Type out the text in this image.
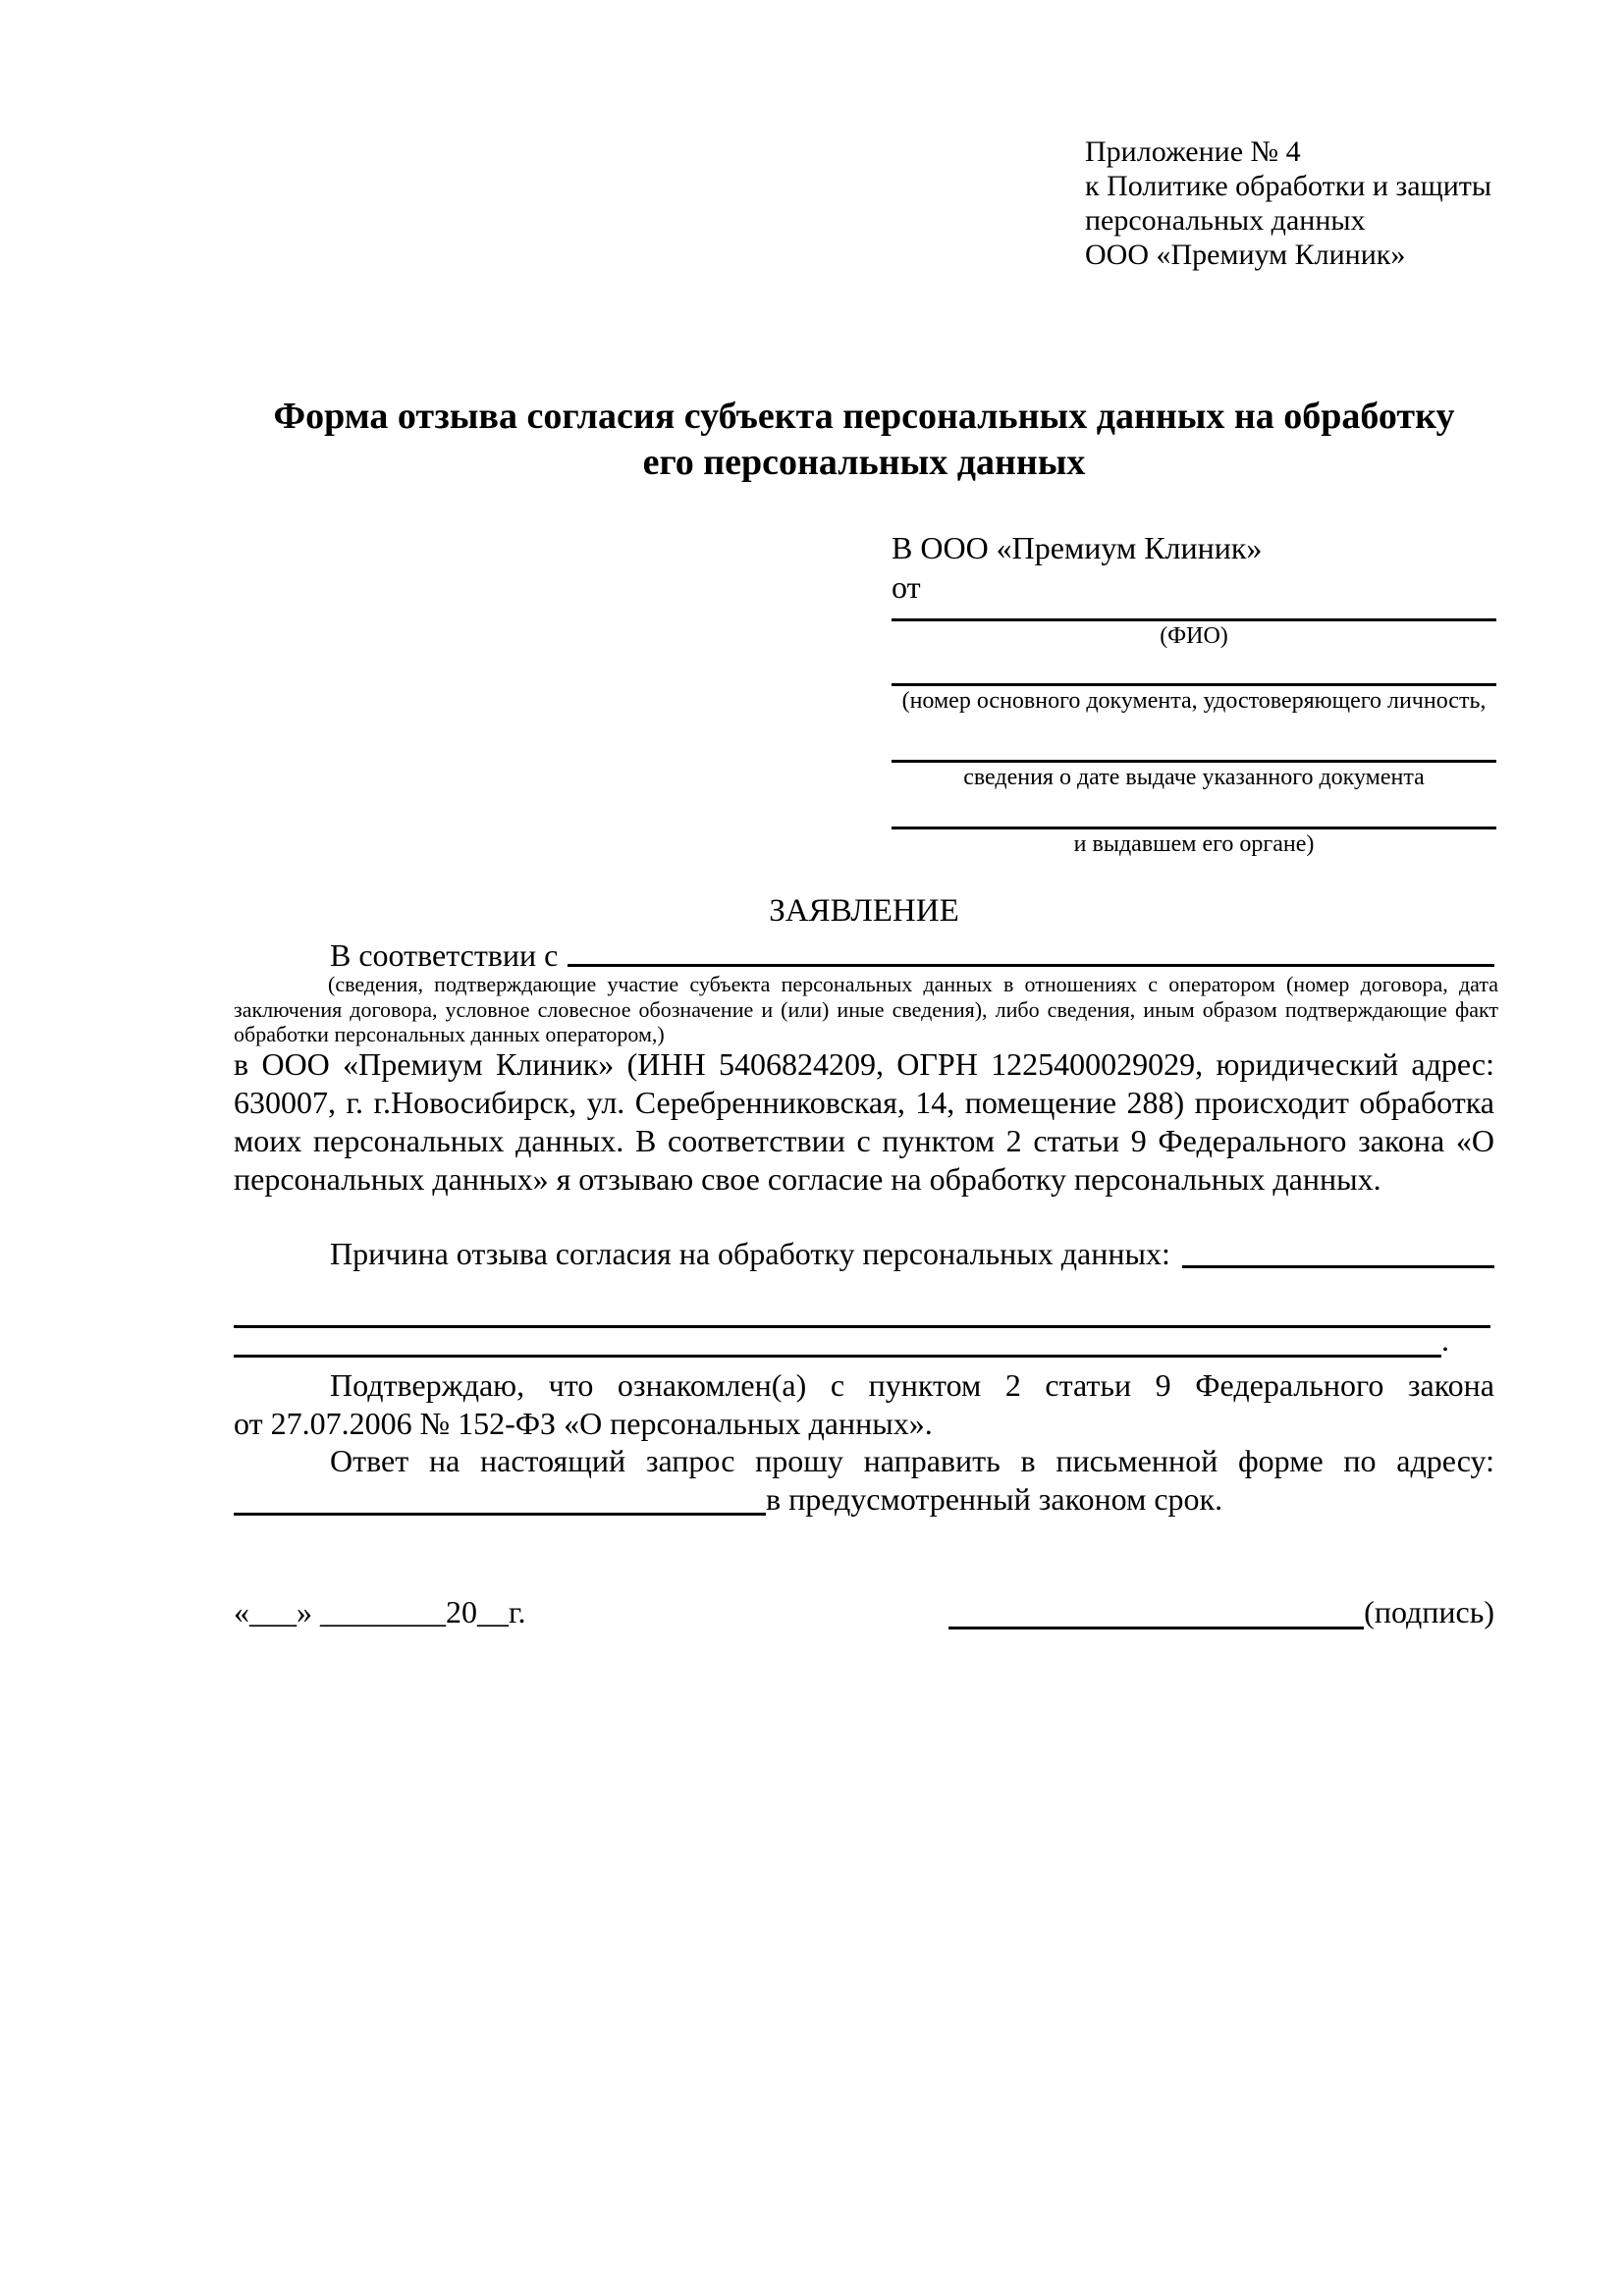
Приложение № 4
к Политике обработки и защиты
персональных данных
ООО «Премиум Клиник»
Форма отзыва согласия субъекта персональных данных на обработку
его персональных данных
В ООО «Премиум Клиник»
от
(ФИО)
(номер основного документа, удостоверяющего личность,
сведения о дате выдаче указанного документа
и выдавшем его органе)
ЗАЯВЛЕНИЕ
В соответствии с
(сведения, подтверждающие участие субъекта персональных данных в отношениях с оператором (номер договора, дата заключения договора, условное словесное обозначение и (или) иные сведения), либо сведения, иным образом подтверждающие факт обработки персональных данных оператором,)
в ООО «Премиум Клиник» (ИНН 5406824209, ОГРН 1225400029029, юридический адрес: 630007, г. г.Новосибирск, ул. Серебренниковская, 14, помещение 288) происходит обработка моих персональных данных. В соответствии с пунктом 2 статьи 9 Федерального закона «О персональных данных» я отзываю свое согласие на обработку персональных данных.
Причина отзыва согласия на обработку персональных данных:
.
Подтверждаю, что ознакомлен(а) с пунктом 2 статьи 9 Федерального закона
от 27.07.2006 № 152-ФЗ «О персональных данных».
Ответ на настоящий запрос прошу направить в письменной форме по адресу:
в предусмотренный законом срок.
«___» ________20__г.	(подпись)
